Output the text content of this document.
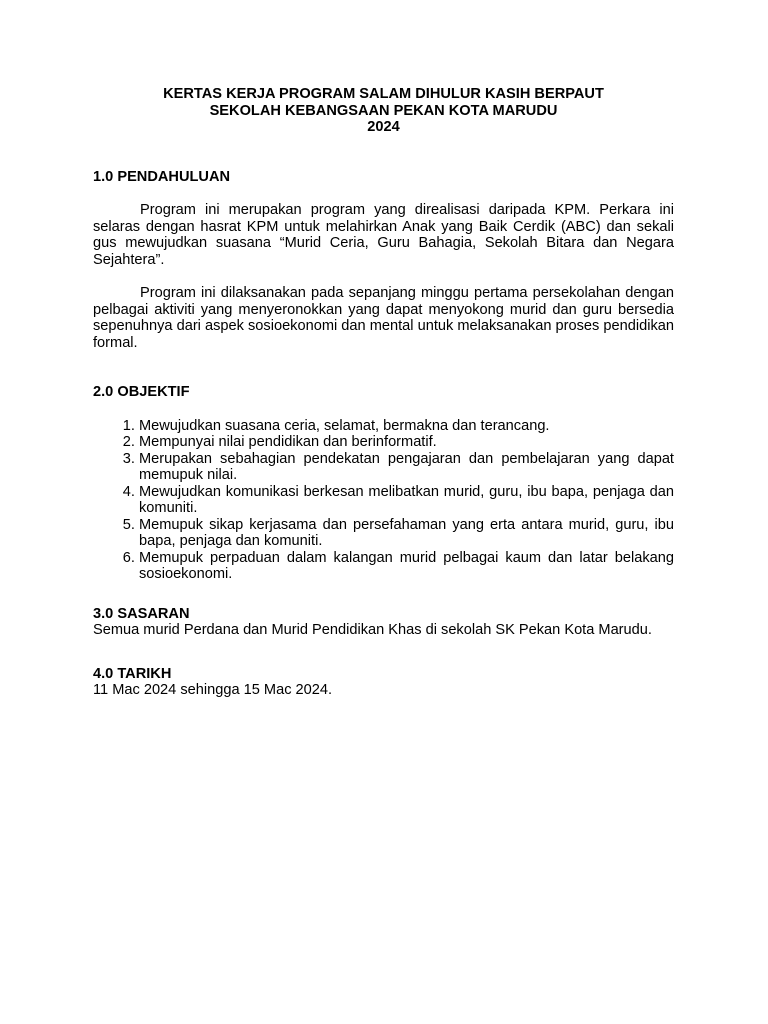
KERTAS KERJA PROGRAM SALAM DIHULUR KASIH BERPAUT
SEKOLAH KEBANGSAAN PEKAN KOTA MARUDU
2024
1.0 PENDAHULUAN

Program ini merupakan program yang direalisasi daripada KPM. Perkara ini selaras dengan hasrat KPM untuk melahirkan Anak yang Baik Cerdik (ABC) dan sekali gus mewujudkan suasana “Murid Ceria, Guru Bahagia, Sekolah Bitara dan Negara Sejahtera”.

Program ini dilaksanakan pada sepanjang minggu pertama persekolahan dengan pelbagai aktiviti yang menyeronokkan yang dapat menyokong murid dan guru bersedia sepenuhnya dari aspek sosioekonomi dan mental untuk melaksanakan proses pendidikan formal.

2.0 OBJEKTIF
1. Mewujudkan suasana ceria, selamat, bermakna dan terancang.
2. Mempunyai nilai pendidikan dan berinformatif.
3. Merupakan sebahagian pendekatan pengajaran dan pembelajaran yang dapat memupuk nilai.
4. Mewujudkan komunikasi berkesan melibatkan murid, guru, ibu bapa, penjaga dan komuniti.
5. Memupuk sikap kerjasama dan persefahaman yang erta antara murid, guru, ibu bapa, penjaga dan komuniti.
6. Memupuk perpaduan dalam kalangan murid pelbagai kaum dan latar belakang sosioekonomi.
3.0 SASARAN

Semua murid Perdana dan Murid Pendidikan Khas di sekolah SK Pekan Kota Marudu.

4.0 TARIKH

11 Mac 2024 sehingga 15 Mac 2024.
